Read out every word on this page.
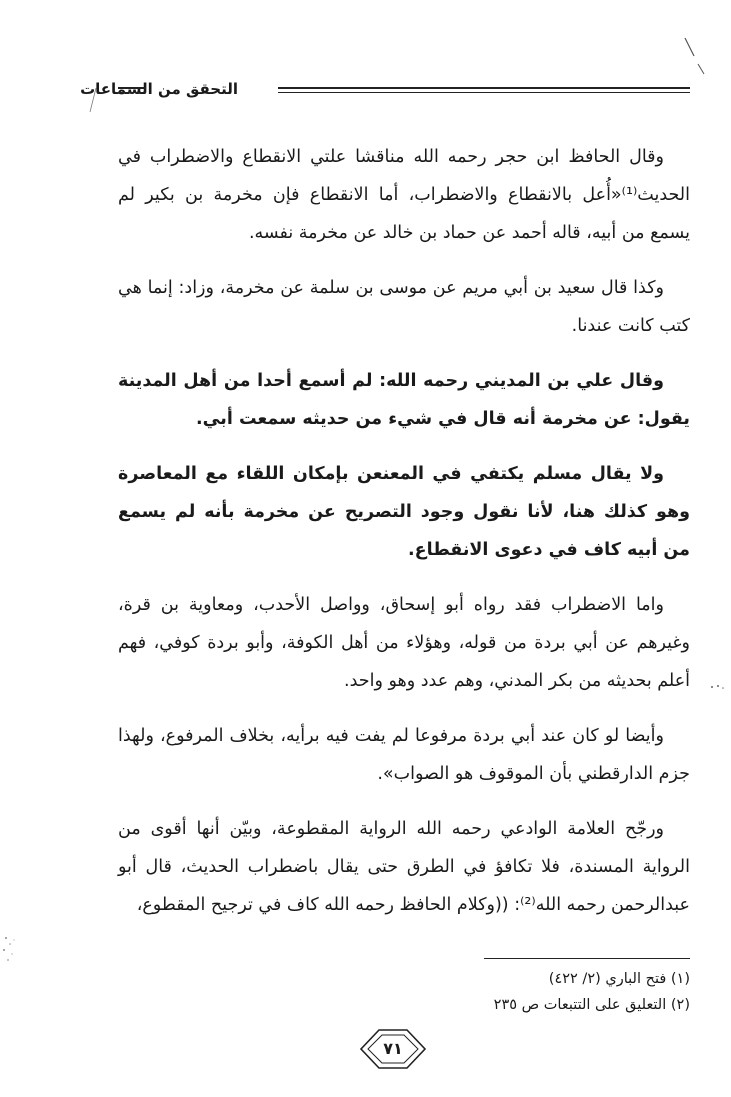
التحقق من السماعات

وقال الحافظ ابن حجر رحمه الله مناقشا علتي الانقطاع والاضطراب في الحديث⁽¹⁾«أُعل بالانقطاع والاضطراب، أما الانقطاع فإن مخرمة بن بكير لم يسمع من أبيه، قاله أحمد عن حماد بن خالد عن مخرمة نفسه.

وكذا قال سعيد بن أبي مريم عن موسى بن سلمة عن مخرمة، وزاد: إنما هي كتب كانت عندنا.

وقال علي بن المديني رحمه الله: لم أسمع أحدا من أهل المدينة يقول: عن مخرمة أنه قال في شيء من حديثه سمعت أبي.

ولا يقال مسلم يكتفي في المعنعن بإمكان اللقاء مع المعاصرة وهو كذلك هنا، لأنا نقول وجود التصريح عن مخرمة بأنه لم يسمع من أبيه كاف في دعوى الانقطاع.

واما الاضطراب فقد رواه أبو إسحاق، وواصل الأحدب، ومعاوية بن قرة، وغيرهم عن أبي بردة من قوله، وهؤلاء من أهل الكوفة، وأبو بردة كوفي، فهم أعلم بحديثه من بكر المدني، وهم عدد وهو واحد.

وأيضا لو كان عند أبي بردة مرفوعا لم يفت فيه برأيه، بخلاف المرفوع، ولهذا جزم الدارقطني بأن الموقوف هو الصواب».

ورجّح العلامة الوادعي رحمه الله الرواية المقطوعة، وبيّن أنها أقوى من الرواية المسندة، فلا تكافؤ في الطرق حتى يقال باضطراب الحديث، قال أبو عبدالرحمن رحمه الله⁽²⁾: ((وكلام الحافظ رحمه الله كاف في ترجيح المقطوع،

(١) فتح الباري (٢/ ٤٢٢)
(٢) التعليق على التتبعات ص ٢٣٥
٧١
